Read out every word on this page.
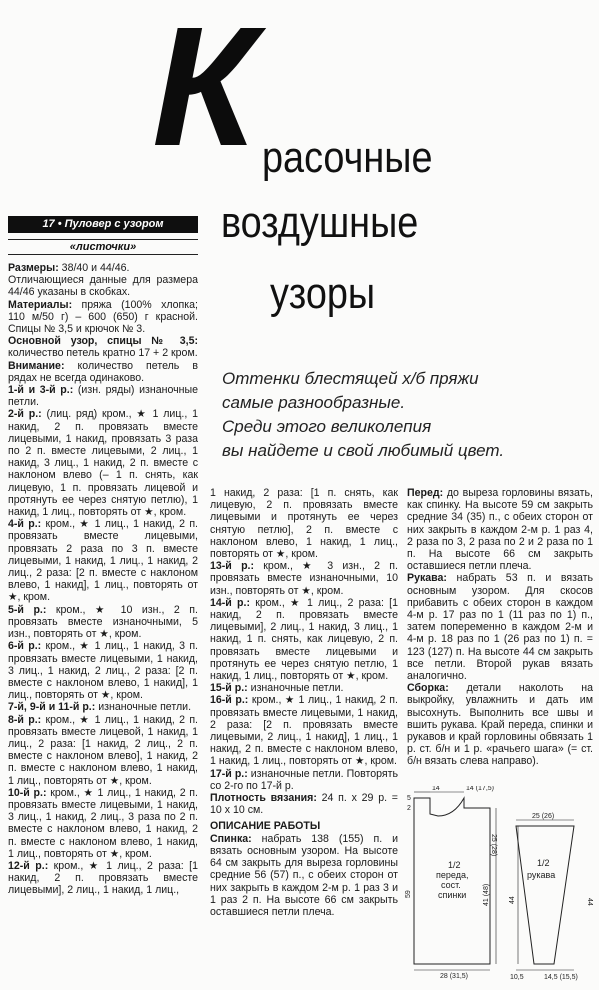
К расочные
воздушные
узоры
Оттенки блестящей х/б пряжи
самые разнообразные.
Среди этого великолепия
вы найдете и свой любимый цвет.
17 • Пуловер с узором
«листочки»

Размеры: 38/40 и 44/46.

Отличающиеся данные для размера 44/46 указаны в скобках.

Материалы: пряжа (100% хлопка; 110 м/50 г) – 600 (650) г красной. Спицы № 3,5 и крючок № 3.

Основной узор, спицы № 3,5: количество петель кратно 17 + 2 кром.

Внимание: количество петель в рядах не всегда одинаково.

1-й и 3-й р.: (изн. ряды) изнаночные петли.

2-й р.: (лиц. ряд) кром., ★ 1 лиц., 1 накид, 2 п. провязать вместе лицевыми, 1 накид, провязать 3 раза по 2 п. вместе лицевыми, 2 лиц., 1 накид, 3 лиц., 1 накид, 2 п. вместе с наклоном влево (– 1 п. снять, как лицевую, 1 п. провязать лицевой и протянуть ее через снятую петлю), 1 накид, 1 лиц., повторять от ★, кром.

4-й р.: кром., ★ 1 лиц., 1 накид, 2 п. провязать вместе лицевыми, провязать 2 раза по 3 п. вместе лицевыми, 1 накид, 1 лиц., 1 накид, 2 лиц., 2 раза: [2 п. вместе с наклоном влево, 1 накид], 1 лиц., повторять от ★, кром.

5-й р.: кром., ★ 10 изн., 2 п. провязать вместе изнаночными, 5 изн., повторять от ★, кром.

6-й р.: кром., ★ 1 лиц., 1 накид, 3 п. провязать вместе лицевыми, 1 накид, 3 лиц., 1 накид, 2 лиц., 2 раза: [2 п. вместе с наклоном влево, 1 накид], 1 лиц., повторять от ★, кром.

7-й, 9-й и 11-й р.: изнаночные петли.

8-й р.: кром., ★ 1 лиц., 1 накид, 2 п. провязать вместе лицевой, 1 накид, 1 лиц., 2 раза: [1 накид, 2 лиц., 2 п. вместе с наклоном влево], 1 накид, 2 п. вместе с наклоном влево, 1 накид, 1 лиц., повторять от ★, кром.

10-й р.: кром., ★ 1 лиц., 1 накид, 2 п. провязать вместе лицевыми, 1 накид, 3 лиц., 1 накид, 2 лиц., 3 раза по 2 п. вместе с наклоном влево, 1 накид, 2 п. вместе с наклоном влево, 1 накид, 1 лиц., повторять от ★, кром.

12-й р.: кром., ★ 1 лиц., 2 раза: [1 накид, 2 п. провязать вместе лицевыми], 2 лиц., 1 накид, 1 лиц.,

1 накид, 2 раза: [1 п. снять, как лицевую, 2 п. провязать вместе лицевыми и протянуть ее через снятую петлю], 2 п. вместе с наклоном влево, 1 накид, 1 лиц., повторять от ★, кром.

13-й р.: кром., ★ 3 изн., 2 п. провязать вместе изнаночными, 10 изн., повторять от ★, кром.

14-й р.: кром., ★ 1 лиц., 2 раза: [1 накид, 2 п. провязать вместе лицевыми], 2 лиц., 1 накид, 3 лиц., 1 накид, 1 п. снять, как лицевую, 2 п. провязать вместе лицевыми и протянуть ее через снятую петлю, 1 накид, 1 лиц., повторять от ★, кром.

15-й р.: изнаночные петли.

16-й р.: кром., ★ 1 лиц., 1 накид, 2 п. провязать вместе лицевыми, 1 накид, 2 раза: [2 п. провязать вместе лицевыми, 2 лиц., 1 накид], 1 лиц., 1 накид, 2 п. вместе с наклоном влево, 1 накид, 1 лиц., повторять от ★, кром.

17-й р.: изнаночные петли. Повторять со 2-го по 17-й р.

Плотность вязания: 24 п. х 29 р. = 10 х 10 см.

ОПИСАНИЕ РАБОТЫ

Спинка: набрать 138 (155) п. и вязать основным узором. На высоте 64 см закрыть для выреза горловины средние 56 (57) п., с обеих сторон от них закрыть в каждом 2-м р. 1 раз 3 и 1 раз 2 п. На высоте 66 см закрыть оставшиеся петли плеча.

Перед: до выреза горловины вязать, как спинку. На высоте 59 см закрыть средние 34 (35) п., с обеих сторон от них закрыть в каждом 2-м р. 1 раз 4, 2 раза по 3, 2 раза по 2 и 2 раза по 1 п. На высоте 66 см закрыть оставшиеся петли плеча.

Рукава: набрать 53 п. и вязать основным узором. Для скосов прибавить с обеих сторон в каждом 4-м р. 17 раз по 1 (11 раз по 1) п., затем попеременно в каждом 2-м и 4-м р. 18 раз по 1 (26 раз по 1) п. = 123 (127) п. На высоте 44 см закрыть все петли. Второй рукав вязать аналогично.

Сборка: детали наколоть на выкройку, увлажнить и дать им высохнуть. Выполнить все швы и вшить рукава. Край переда, спинки и рукавов и край горловины обвязать 1 р. ст. б/н и 1 р. «рачьего шага» (= ст. б/н вязать слева направо).

14	14 (17,5)
5
2
25 (28)
41 (48)
59
28 (31,5)
1/2
переда,
сост.
спинки
25 (26)
44	44
10,5	14,5 (15,5)
1/2
рукава
